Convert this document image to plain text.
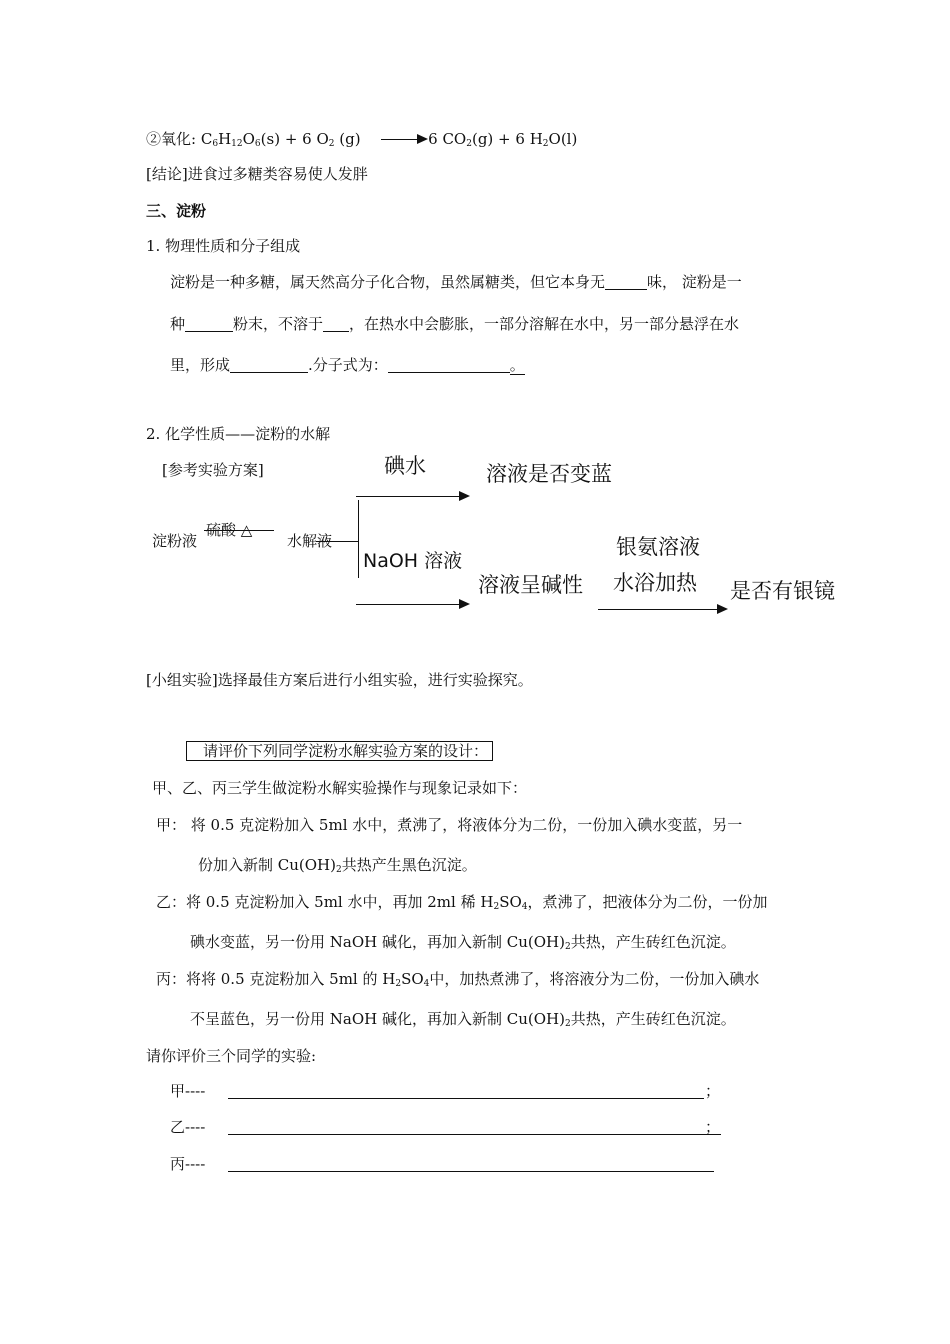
②氧化: $C_6H_{12}O_6(s) + 6$ $O_2$ (g)	6 $CO_2(g) + 6$ $H_2O(l)$
[结论]进食过多糖类容易使人发胖
三、淀粉
1. 物理性质和分子组成
淀粉是一种多糖，属天然高分子化合物，虽然属糖类，但它本身无	味， 淀粉是一
种	粉末，不溶于 ，在热水中会膨胀，一部分溶解在水中，另一部分悬浮在水
里，形成	.分子式为：	。
2. 化学性质——淀粉的水解
[参考实验方案]	碘水	溶液是否变蓝
淀粉液
硫酸 △
水解液
NaOH 溶液
溶液呈碱性
银氨溶液
水浴加热 是否有银镜
[小组实验]选择最佳方案后进行小组实验，进行实验探究。
请评价下列同学淀粉水解实验方案的设计：
甲、乙、丙三学生做淀粉水解实验操作与现象记录如下：
甲： 将 0.5 克淀粉加入 5ml 水中，煮沸了，将液体分为二份，一份加入碘水变蓝，另一
份加入新制 $Cu(OH)_2$共热产生黑色沉淀。
乙：将 0.5 克淀粉加入 5ml 水中，再加 2ml 稀 $H_2SO_4$，煮沸了，把液体分为二份，一份加
碘水变蓝，另一份用 NaOH 碱化，再加入新制 $Cu(OH)_2$共热，产生砖红色沉淀。
丙：将将 0.5 克淀粉加入 5ml 的 $H_2SO_4$中，加热煮沸了，将溶液分为二份，一份加入碘水
不呈蓝色，另一份用 NaOH 碱化，再加入新制 $Cu(OH)_2$共热，产生砖红色沉淀。
请你评价三个同学的实验:
甲----	；
乙----	；
丙----
